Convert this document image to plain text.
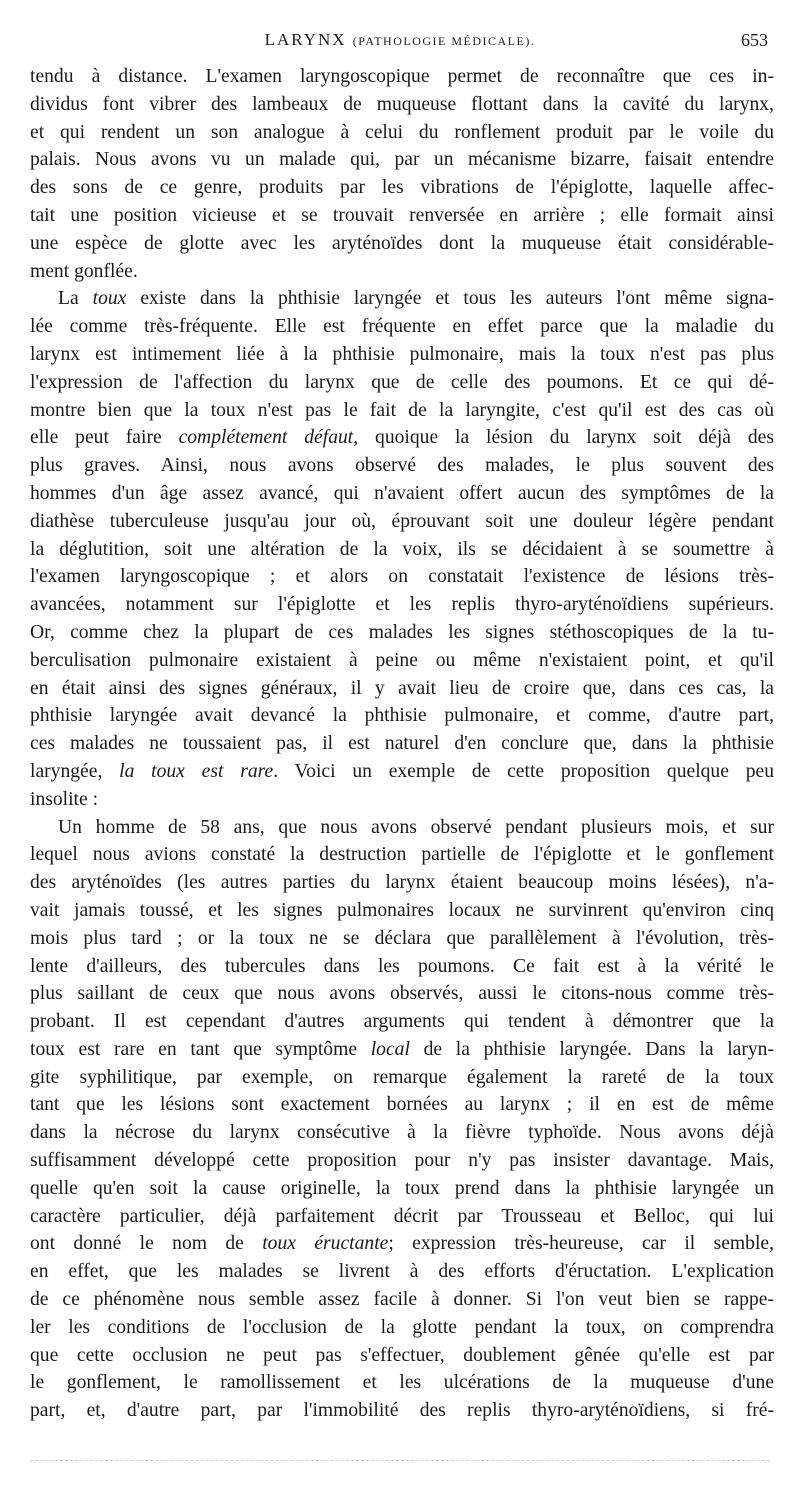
LARYNX (PATHOLOGIE MÉDICALE).	653
tendu à distance. L'examen laryngoscopique permet de reconnaître que ces in-
dividus font vibrer des lambeaux de muqueuse flottant dans la cavité du larynx,
et qui rendent un son analogue à celui du ronflement produit par le voile du
palais. Nous avons vu un malade qui, par un mécanisme bizarre, faisait entendre
des sons de ce genre, produits par les vibrations de l'épiglotte, laquelle affec-
tait une position vicieuse et se trouvait renversée en arrière ; elle formait ainsi
une espèce de glotte avec les aryténoïdes dont la muqueuse était considérable-
ment gonflée.
La toux existe dans la phthisie laryngée et tous les auteurs l'ont même signa-
lée comme très-fréquente. Elle est fréquente en effet parce que la maladie du
larynx est intimement liée à la phthisie pulmonaire, mais la toux n'est pas plus
l'expression de l'affection du larynx que de celle des poumons. Et ce qui dé-
montre bien que la toux n'est pas le fait de la laryngite, c'est qu'il est des cas où
elle peut faire complétement défaut, quoique la lésion du larynx soit déjà des
plus graves. Ainsi, nous avons observé des malades, le plus souvent des
hommes d'un âge assez avancé, qui n'avaient offert aucun des symptômes de la
diathèse tuberculeuse jusqu'au jour où, éprouvant soit une douleur légère pendant
la déglutition, soit une altération de la voix, ils se décidaient à se soumettre à
l'examen laryngoscopique ; et alors on constatait l'existence de lésions très-
avancées, notamment sur l'épiglotte et les replis thyro-aryténoïdiens supérieurs.
Or, comme chez la plupart de ces malades les signes stéthoscopiques de la tu-
berculisation pulmonaire existaient à peine ou même n'existaient point, et qu'il
en était ainsi des signes généraux, il y avait lieu de croire que, dans ces cas, la
phthisie laryngée avait devancé la phthisie pulmonaire, et comme, d'autre part,
ces malades ne toussaient pas, il est naturel d'en conclure que, dans la phthisie
laryngée, la toux est rare. Voici un exemple de cette proposition quelque peu
insolite :
Un homme de 58 ans, que nous avons observé pendant plusieurs mois, et sur
lequel nous avions constaté la destruction partielle de l'épiglotte et le gonflement
des aryténoïdes (les autres parties du larynx étaient beaucoup moins lésées), n'a-
vait jamais toussé, et les signes pulmonaires locaux ne survinrent qu'environ cinq
mois plus tard ; or la toux ne se déclara que parallèlement à l'évolution, très-
lente d'ailleurs, des tubercules dans les poumons. Ce fait est à la vérité le
plus saillant de ceux que nous avons observés, aussi le citons-nous comme très-
probant. Il est cependant d'autres arguments qui tendent à démontrer que la
toux est rare en tant que symptôme local de la phthisie laryngée. Dans la laryn-
gite syphilitique, par exemple, on remarque également la rareté de la toux
tant que les lésions sont exactement bornées au larynx ; il en est de même
dans la nécrose du larynx consécutive à la fièvre typhoïde. Nous avons déjà
suffisamment développé cette proposition pour n'y pas insister davantage. Mais,
quelle qu'en soit la cause originelle, la toux prend dans la phthisie laryngée un
caractère particulier, déjà parfaitement décrit par Trousseau et Belloc, qui lui
ont donné le nom de toux éructante; expression très-heureuse, car il semble,
en effet, que les malades se livrent à des efforts d'éructation. L'explication
de ce phénomène nous semble assez facile à donner. Si l'on veut bien se rappe-
ler les conditions de l'occlusion de la glotte pendant la toux, on comprendra
que cette occlusion ne peut pas s'effectuer, doublement gênée qu'elle est par
le gonflement, le ramollissement et les ulcérations de la muqueuse d'une
part, et, d'autre part, par l'immobilité des replis thyro-aryténoïdiens, si fré-
